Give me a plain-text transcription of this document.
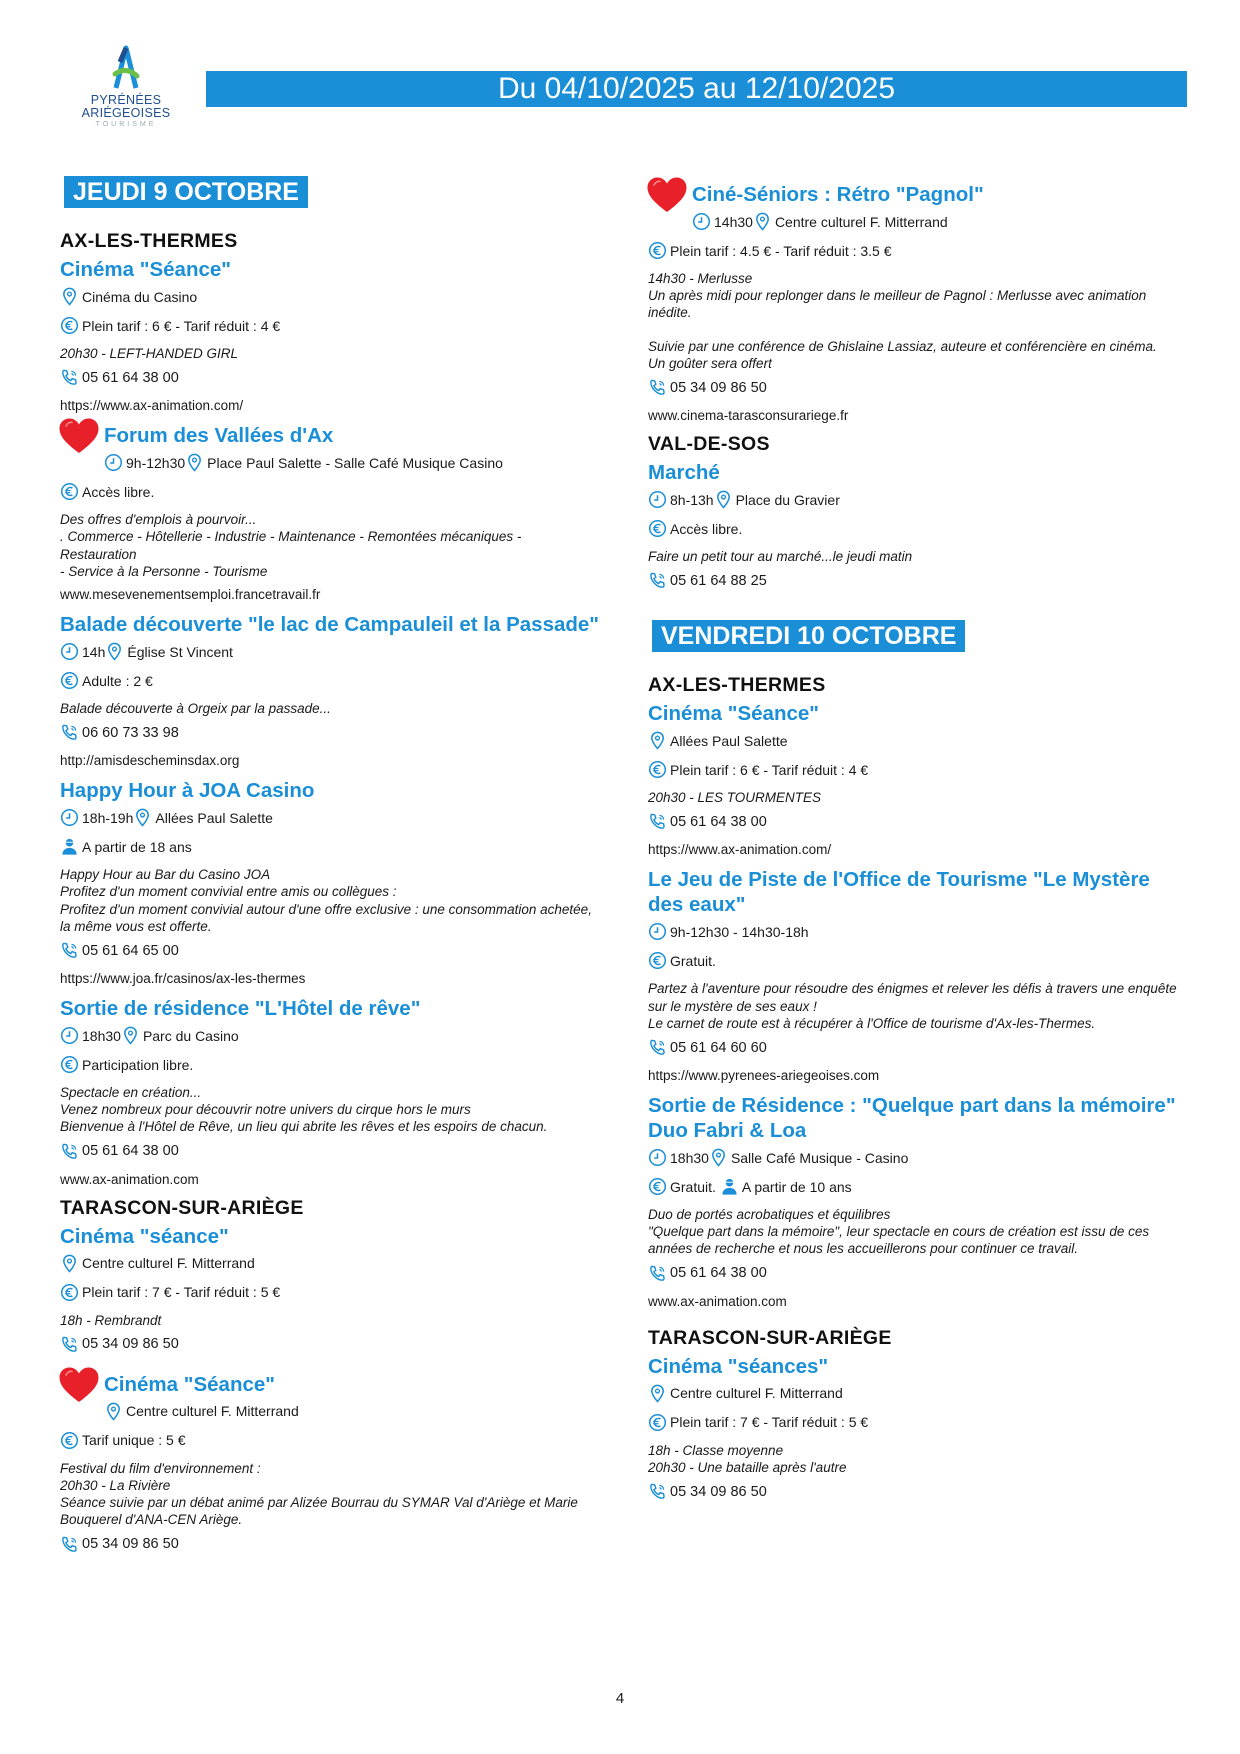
PYRÉNÉES
ARIÉGEOISES
TOURISME
Du 04/10/2025 au 12/10/2025
JEUDI 9 OCTOBRE
AX-LES-THERMES
Cinéma "Séance"
Cinéma du Casino
Plein tarif : 6 € - Tarif réduit : 4 €
20h30 - LEFT-HANDED GIRL
05 61 64 38 00
https://www.ax-animation.com/
Forum des Vallées d'Ax
9h-12h30 Place Paul Salette - Salle Café Musique Casino
Accès libre.
Des offres d'emplois à pourvoir...
. Commerce - Hôtellerie - Industrie - Maintenance - Remontées mécaniques - Restauration
- Service à la Personne - Tourisme
www.mesevenementsemploi.francetravail.fr
Balade découverte "le lac de Campauleil et la Passade"
14h Église St Vincent
Adulte : 2 €
Balade découverte à Orgeix par la passade...
06 60 73 33 98
http://amisdescheminsdax.org
Happy Hour à JOA Casino
18h-19h Allées Paul Salette
A partir de 18 ans
Happy Hour au Bar du Casino JOA
Profitez d'un moment convivial entre amis ou collègues :
Profitez d'un moment convivial autour d'une offre exclusive : une consommation achetée,
la même vous est offerte.
05 61 64 65 00
https://www.joa.fr/casinos/ax-les-thermes
Sortie de résidence "L'Hôtel de rêve"
18h30 Parc du Casino
Participation libre.
Spectacle en création...
Venez nombreux pour découvrir notre univers du cirque hors le murs
Bienvenue à l'Hôtel de Rêve, un lieu qui abrite les rêves et les espoirs de chacun.
05 61 64 38 00
www.ax-animation.com
TARASCON-SUR-ARIÈGE
Cinéma "séance"
Centre culturel F. Mitterrand
Plein tarif : 7 € - Tarif réduit : 5 €
18h - Rembrandt
05 34 09 86 50
Cinéma "Séance"
Centre culturel F. Mitterrand
Tarif unique : 5 €
Festival du film d'environnement :
20h30 - La Rivière
Séance suivie par un débat animé par Alizée Bourrau du SYMAR Val d'Ariège et Marie
Bouquerel d'ANA-CEN Ariège.
05 34 09 86 50
Ciné-Séniors : Rétro "Pagnol"
14h30 Centre culturel F. Mitterrand
Plein tarif : 4.5 € - Tarif réduit : 3.5 €
14h30 - Merlusse
Un après midi pour replonger dans le meilleur de Pagnol : Merlusse avec animation inédite.
Suivie par une conférence de Ghislaine Lassiaz, auteure et conférencière en cinéma.
Un goûter sera offert
05 34 09 86 50
www.cinema-tarasconsurariege.fr
VAL-DE-SOS
Marché
8h-13h Place du Gravier
Accès libre.
Faire un petit tour au marché...le jeudi matin
05 61 64 88 25
VENDREDI 10 OCTOBRE
AX-LES-THERMES
Cinéma "Séance"
Allées Paul Salette
Plein tarif : 6 € - Tarif réduit : 4 €
20h30 - LES TOURMENTES
05 61 64 38 00
https://www.ax-animation.com/
Le Jeu de Piste de l'Office de Tourisme "Le Mystère des eaux"
9h-12h30 - 14h30-18h
Gratuit.
Partez à l'aventure pour résoudre des énigmes et relever les défis à travers une enquête
sur le mystère de ses eaux !
Le carnet de route est à récupérer à l'Office de tourisme d'Ax-les-Thermes.
05 61 64 60 60
https://www.pyrenees-ariegeoises.com
Sortie de Résidence : "Quelque part dans la mémoire" Duo Fabri & Loa
18h30 Salle Café Musique - Casino
Gratuit. A partir de 10 ans
Duo de portés acrobatiques et équilibres
"Quelque part dans la mémoire", leur spectacle en cours de création est issu de ces
années de recherche et nous les accueillerons pour continuer ce travail.
05 61 64 38 00
www.ax-animation.com
TARASCON-SUR-ARIÈGE
Cinéma "séances"
Centre culturel F. Mitterrand
Plein tarif : 7 € - Tarif réduit : 5 €
18h - Classe moyenne
20h30 - Une bataille après l'autre
05 34 09 86 50
4
